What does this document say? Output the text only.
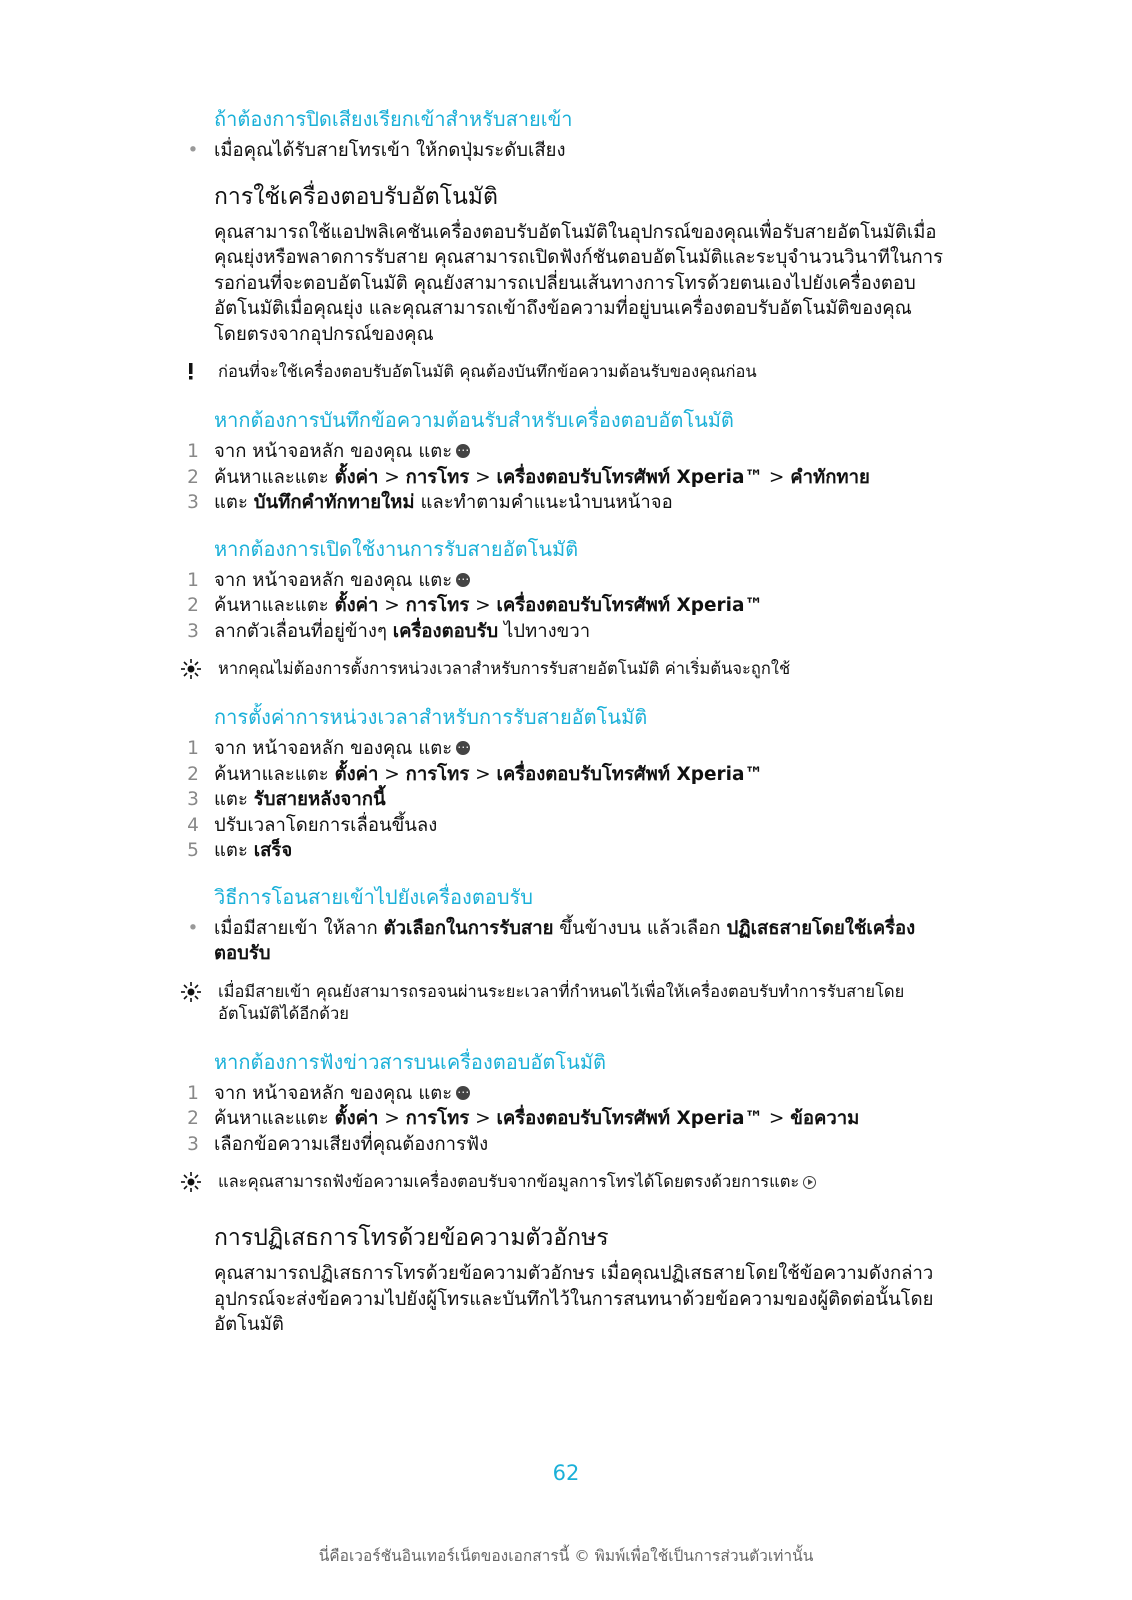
ถ้าต้องการปิดเสียงเรียกเข้าสำหรับสายเข้า
• เมื่อคุณได้รับสายโทรเข้า ให้กดปุ่มระดับเสียง
การใช้เครื่องตอบรับอัตโนมัติ

คุณสามารถใช้แอปพลิเคชันเครื่องตอบรับอัตโนมัติในอุปกรณ์ของคุณเพื่อรับสายอัตโนมัติเมื่อคุณยุ่งหรือพลาดการรับสาย คุณสามารถเปิดฟังก์ชันตอบอัตโนมัติและระบุจำนวนวินาทีในการรอก่อนที่จะตอบอัตโนมัติ คุณยังสามารถเปลี่ยนเส้นทางการโทรด้วยตนเองไปยังเครื่องตอบอัตโนมัติเมื่อคุณยุ่ง และคุณสามารถเข้าถึงข้อความที่อยู่บนเครื่องตอบรับอัตโนมัติของคุณโดยตรงจากอุปกรณ์ของคุณ

ก่อนที่จะใช้เครื่องตอบรับอัตโนมัติ คุณต้องบันทึกข้อความต้อนรับของคุณก่อน
หากต้องการบันทึกข้อความต้อนรับสำหรับเครื่องตอบอัตโนมัติ
1 จาก หน้าจอหลัก ของคุณ แตะ⋯
2 ค้นหาและแตะ ตั้งค่า > การโทร > เครื่องตอบรับโทรศัพท์ Xperia™ > คำทักทาย
3 แตะ บันทึกคำทักทายใหม่ และทำตามคำแนะนำบนหน้าจอ
หากต้องการเปิดใช้งานการรับสายอัตโนมัติ
1 จาก หน้าจอหลัก ของคุณ แตะ⋯
2 ค้นหาและแตะ ตั้งค่า > การโทร > เครื่องตอบรับโทรศัพท์ Xperia™
3 ลากตัวเลื่อนที่อยู่ข้างๆ เครื่องตอบรับ ไปทางขวา
หากคุณไม่ต้องการตั้งการหน่วงเวลาสำหรับการรับสายอัตโนมัติ ค่าเริ่มต้นจะถูกใช้
การตั้งค่าการหน่วงเวลาสำหรับการรับสายอัตโนมัติ
1 จาก หน้าจอหลัก ของคุณ แตะ⋯
2 ค้นหาและแตะ ตั้งค่า > การโทร > เครื่องตอบรับโทรศัพท์ Xperia™
3 แตะ รับสายหลังจากนี้
4 ปรับเวลาโดยการเลื่อนขึ้นลง
5 แตะ เสร็จ
วิธีการโอนสายเข้าไปยังเครื่องตอบรับ
• เมื่อมีสายเข้า ให้ลาก ตัวเลือกในการรับสาย ขึ้นข้างบน แล้วเลือก ปฏิเสธสายโดยใช้เครื่องตอบรับ
เมื่อมีสายเข้า คุณยังสามารถรอจนผ่านระยะเวลาที่กำหนดไว้เพื่อให้เครื่องตอบรับทำการรับสายโดยอัตโนมัติได้อีกด้วย
หากต้องการฟังข่าวสารบนเครื่องตอบอัตโนมัติ
1 จาก หน้าจอหลัก ของคุณ แตะ⋯
2 ค้นหาและแตะ ตั้งค่า > การโทร > เครื่องตอบรับโทรศัพท์ Xperia™ > ข้อความ
3 เลือกข้อความเสียงที่คุณต้องการฟัง
และคุณสามารถฟังข้อความเครื่องตอบรับจากข้อมูลการโทรได้โดยตรงด้วยการแตะ
การปฏิเสธการโทรด้วยข้อความตัวอักษร

คุณสามารถปฏิเสธการโทรด้วยข้อความตัวอักษร เมื่อคุณปฏิเสธสายโดยใช้ข้อความดังกล่าว อุปกรณ์จะส่งข้อความไปยังผู้โทรและบันทึกไว้ในการสนทนาด้วยข้อความของผู้ติดต่อนั้นโดยอัตโนมัติ

62
นี่คือเวอร์ชันอินเทอร์เน็ตของเอกสารนี้ © พิมพ์เพื่อใช้เป็นการส่วนตัวเท่านั้น
